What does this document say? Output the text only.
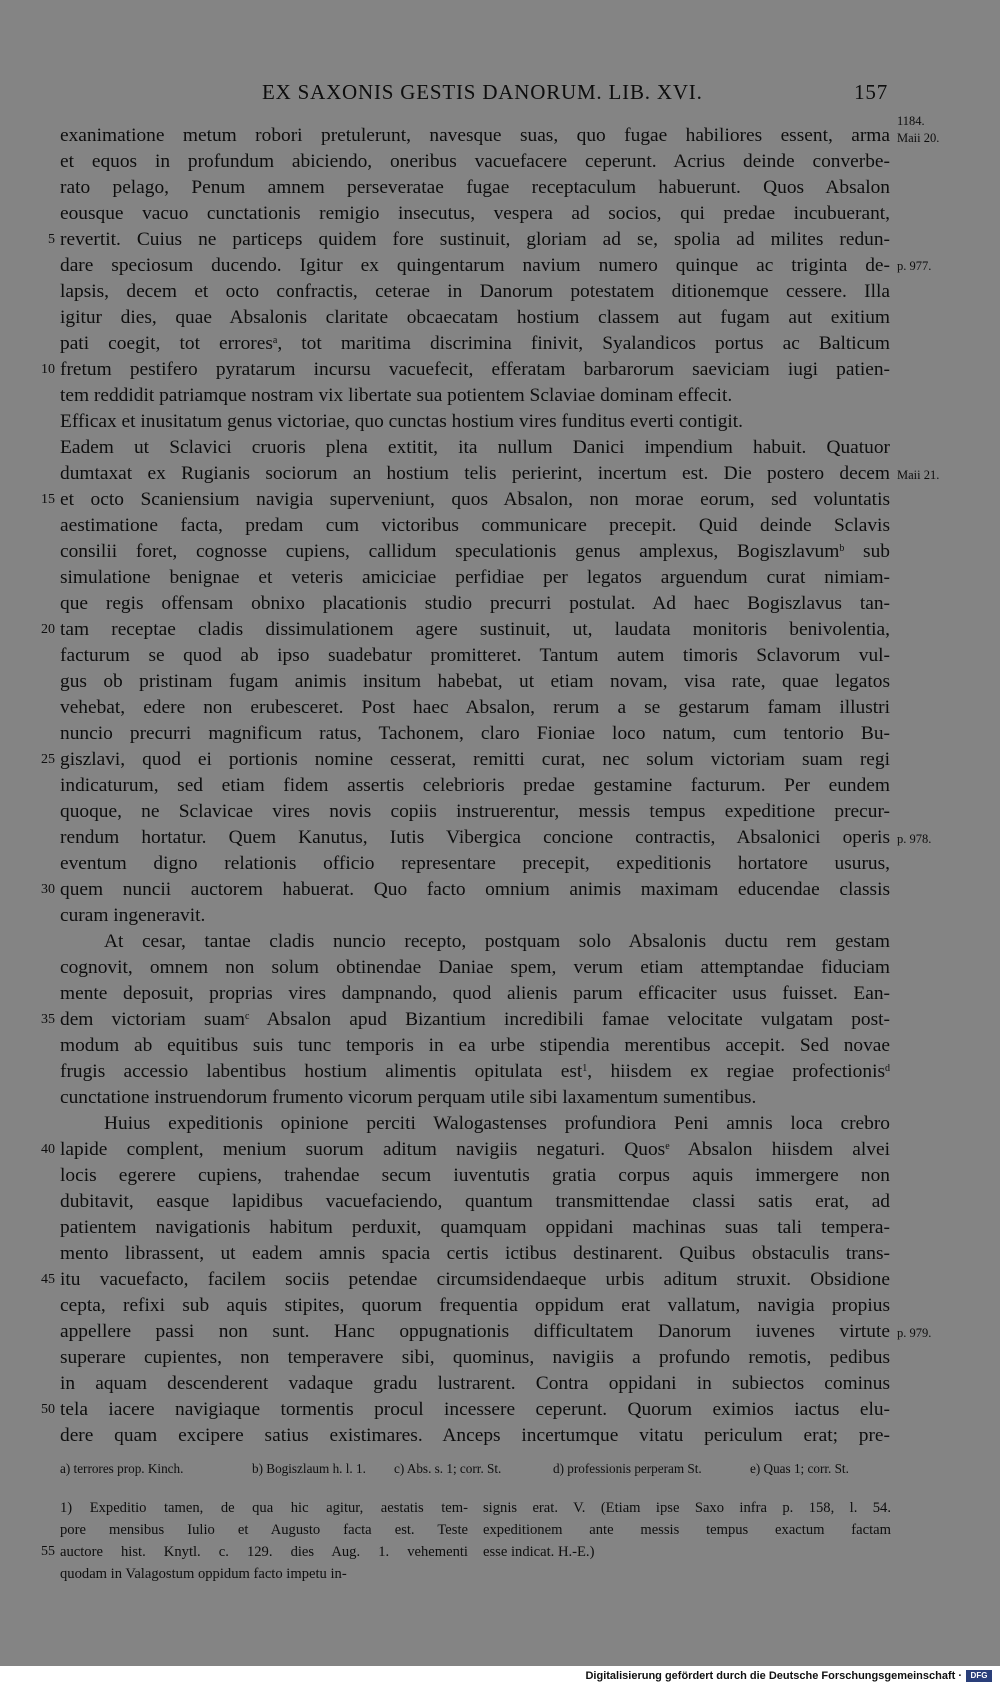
EX SAXONIS GESTIS DANORUM. LIB. XVI.	157
1184.
Maii 20.
p. 977.
Maii 21.
p. 978.
p. 979.
5
10
15
20
25
30
35
40
45
50
55
exanimatione metum robori pretulerunt, navesque suas, quo fugae habiliores essent, arma
et equos in profundum abiciendo, oneribus vacuefacere ceperunt. Acrius deinde converbe-
rato pelago, Penum amnem perseveratae fugae receptaculum habuerunt. Quos Absalon
eousque vacuo cunctationis remigio insecutus, vespera ad socios, qui predae incubuerant,
revertit. Cuius ne particeps quidem fore sustinuit, gloriam ad se, spolia ad milites redun-
dare speciosum ducendo. Igitur ex quingentarum navium numero quinque ac triginta de-
lapsis, decem et octo confractis, ceterae in Danorum potestatem ditionemque cessere. Illa
igitur dies, quae Absalonis claritate obcaecatam hostium classem aut fugam aut exitium
pati coegit, tot errores$^a$, tot maritima discrimina finivit, Syalandicos portus ac Balticum
fretum pestifero pyratarum incursu vacuefecit, efferatam barbarorum saeviciam iugi patien-
tem reddidit patriamque nostram vix libertate sua potientem Sclaviae dominam effecit.
Efficax et inusitatum genus victoriae, quo cunctas hostium vires funditus everti contigit.
Eadem ut Sclavici cruoris plena extitit, ita nullum Danici impendium habuit. Quatuor
dumtaxat ex Rugianis sociorum an hostium telis perierint, incertum est. Die postero decem
et octo Scaniensium navigia superveniunt, quos Absalon, non morae eorum, sed voluntatis
aestimatione facta, predam cum victoribus communicare precepit. Quid deinde Sclavis
consilii foret, cognosse cupiens, callidum speculationis genus amplexus, Bogiszlavum$^b$ sub
simulatione benignae et veteris amiciciae perfidiae per legatos arguendum curat nimiam-
que regis offensam obnixo placationis studio precurri postulat. Ad haec Bogiszlavus tan-
tam receptae cladis dissimulationem agere sustinuit, ut, laudata monitoris benivolentia,
facturum se quod ab ipso suadebatur promitteret. Tantum autem timoris Sclavorum vul-
gus ob pristinam fugam animis insitum habebat, ut etiam novam, visa rate, quae legatos
vehebat, edere non erubesceret. Post haec Absalon, rerum a se gestarum famam illustri
nuncio precurri magnificum ratus, Tachonem, claro Fioniae loco natum, cum tentorio Bu-
giszlavi, quod ei portionis nomine cesserat, remitti curat, nec solum victoriam suam regi
indicaturum, sed etiam fidem assertis celebrioris predae gestamine facturum. Per eundem
quoque, ne Sclavicae vires novis copiis instruerentur, messis tempus expeditione precur-
rendum hortatur. Quem Kanutus, Iutis Vibergica concione contractis, Absalonici operis
eventum digno relationis officio representare precepit, expeditionis hortatore usurus,
quem nuncii auctorem habuerat. Quo facto omnium animis maximam educendae classis
curam ingeneravit.
At cesar, tantae cladis nuncio recepto, postquam solo Absalonis ductu rem gestam
cognovit, omnem non solum obtinendae Daniae spem, verum etiam attemptandae fiduciam
mente deposuit, proprias vires dampnando, quod alienis parum efficaciter usus fuisset. Ean-
dem victoriam suam$^c$ Absalon apud Bizantium incredibili famae velocitate vulgatam post-
modum ab equitibus suis tunc temporis in ea urbe stipendia merentibus accepit. Sed novae
frugis accessio labentibus hostium alimentis opitulata est$^1$, hiisdem ex regiae profectionis$^d$
cunctatione instruendorum frumento vicorum perquam utile sibi laxamentum sumentibus.
Huius expeditionis opinione perciti Walogastenses profundiora Peni amnis loca crebro
lapide complent, menium suorum aditum navigiis negaturi. Quos$^e$ Absalon hiisdem alvei
locis egerere cupiens, trahendae secum iuventutis gratia corpus aquis immergere non
dubitavit, easque lapidibus vacuefaciendo, quantum transmittendae classi satis erat, ad
patientem navigationis habitum perduxit, quamquam oppidani machinas suas tali tempera-
mento librassent, ut eadem amnis spacia certis ictibus destinarent. Quibus obstaculis trans-
itu vacuefacto, facilem sociis petendae circumsidendaeque urbis aditum struxit. Obsidione
cepta, refixi sub aquis stipites, quorum frequentia oppidum erat vallatum, navigia propius
appellere passi non sunt. Hanc oppugnationis difficultatem Danorum iuvenes virtute
superare cupientes, non temperavere sibi, quominus, navigiis a profundo remotis, pedibus
in aquam descenderent vadaque gradu lustrarent. Contra oppidani in subiectos cominus
tela iacere navigiaque tormentis procul incessere ceperunt. Quorum eximios iactus elu-
dere quam excipere satius existimares. Anceps incertumque vitatu periculum erat; pre-
a) terrores prop. Kinch.	b) Bogiszlaum h. l. 1. c) Abs. s. 1; corr. St.	d) professionis perperam St.	e) Quas 1; corr. St.
1) Expeditio tamen, de qua hic agitur, aestatis tem-
pore mensibus Iulio et Augusto facta est. Teste
auctore hist. Knytl. c. 129. dies Aug. 1. vehementi
quodam in Valagostum oppidum facto impetu in-
signis erat. V. (Etiam ipse Saxo infra p. 158, l. 54.
expeditionem ante messis tempus exactum factam
esse indicat. H.-E.)
Digitalisierung gefördert durch die Deutsche Forschungsgemeinschaft ·	DFG
